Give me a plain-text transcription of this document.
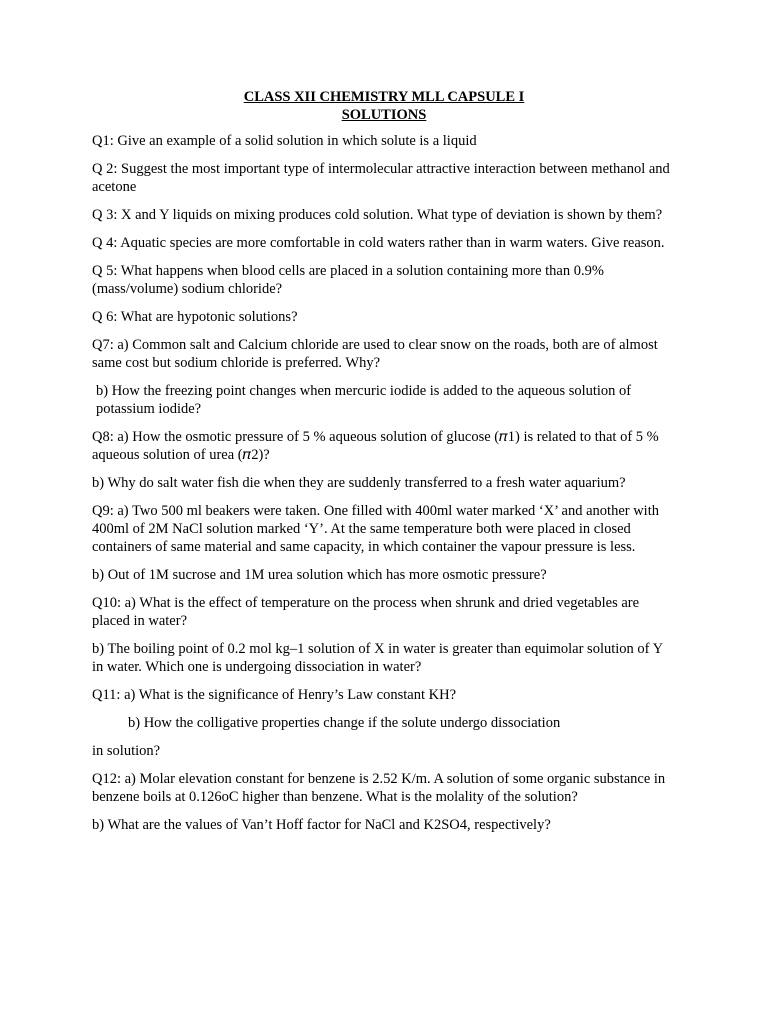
CLASS XII CHEMISTRY MLL CAPSULE I
SOLUTIONS

Q1: Give an example of a solid solution in which solute is a liquid

Q 2: Suggest the most important type of intermolecular attractive interaction between methanol and acetone

Q 3: X and Y liquids on mixing produces cold solution. What type of deviation is shown by them?

Q 4: Aquatic species are more comfortable in cold waters rather than in warm waters. Give reason.

Q 5: What happens when blood cells are placed in a solution containing more than 0.9% (mass/volume) sodium chloride?

Q 6: What are hypotonic solutions?

Q7: a) Common salt and Calcium chloride are used to clear snow on the roads, both are of almost same cost but sodium chloride is preferred. Why?

b) How the freezing point changes when mercuric iodide is added to the aqueous solution of potassium iodide?

Q8: a) How the osmotic pressure of 5 % aqueous solution of glucose (𝜋1) is related to that of 5 % aqueous solution of urea (𝜋2)?

b) Why do salt water fish die when they are suddenly transferred to a fresh water aquarium?

Q9: a) Two 500 ml beakers were taken. One filled with 400ml water marked ‘X’ and another with 400ml of 2M NaCl solution marked ‘Y’. At the same temperature both were placed in closed containers of same material and same capacity, in which container the vapour pressure is less.

b) Out of 1M sucrose and 1M urea solution which has more osmotic pressure?

Q10: a) What is the effect of temperature on the process when shrunk and dried vegetables are placed in water?

b) The boiling point of 0.2 mol kg–1 solution of X in water is greater than equimolar solution of Y in water. Which one is undergoing dissociation in water?

Q11: a) What is the significance of Henry’s Law constant KH?

b) How the colligative properties change if the solute undergo dissociation

in solution?

Q12: a) Molar elevation constant for benzene is 2.52 K/m. A solution of some organic substance in benzene boils at 0.126oC higher than benzene. What is the molality of the solution?

b) What are the values of Van’t Hoff factor for NaCl and K2SO4, respectively?
